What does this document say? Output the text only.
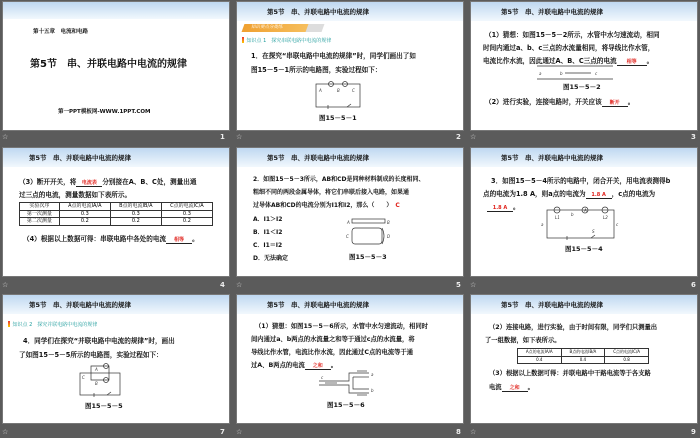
第十五章　电流和电路
第5节　串、并联电路中电流的规律
第一PPT模板网-WWW.1PPT.COM
☆	1
第5节　串、并联电路中电流的规律
知识要点分类练
知识点 1　探究串联电路中电流的规律
1．在探究“串联电路中电流的规律”时，同学们画出了如
图15－5－1所示的电路图，实验过程如下：
A	B	C
图15－5－1
☆	2
第5节　串、并联电路中电流的规律
（1）猜想：如图15－5－2所示，水管中水匀速流动，相同
时间内通过a、b、c三点的水流量相同，将导线比作水管，
电流比作水流，因此通过A、B、C三点的电流 相等 。
a	b	c
图15－5－2
（2）进行实验，连接电路时，开关应该 断开 。
☆	3
第5节　串、并联电路中电流的规律
（3）断开开关，将 电流表 分别接在A、B、C处，测量出通
过三点的电流，测量数据如下表所示。
实验次序	A点的电流IA/A	B点的电流IB/A	C点的电流IC/A
第一次测量	0.3	0.3	0.3
第二次测量	0.2	0.2	0.2
（4）根据以上数据可得：串联电路中各处的电流 相等 。
☆	4
第5节　串、并联电路中电流的规律
2．如图15－5－3所示，AB和CD是同种材料制成的长度相同、
粗细不同的两段金属导体，将它们串联后接入电路，如果通
过导体AB和CD的电流分别为I1和I2，那么（　　） C
A．I1＞I2
B．I1＜I2
C．I1＝I2
D．无法确定
A	B
C	D
图15－5－3
☆	5
第5节　串、并联电路中电流的规律
3．如图15－5－4所示的电路中，闭合开关，用电流表测得b
点的电流为1.8 A，则a点的电流为 1.8 A ，c点的电流为
1.8 A 。
L1
A
L2
S
a
b
c
图15－5－4
☆	6
第5节　串、并联电路中电流的规律
知识点 2　探究并联电路中电流的规律
4．同学们在探究“并联电路中电流的规律”时，画出
了如图15－5－5所示的电路图，实验过程如下：
A
B
C
图15－5－5
☆	7
第5节　串、并联电路中电流的规律
（1）猜想：如图15－5－6所示，水管中水匀速流动，相同时
间内通过a、b两点的水流量之和等于通过c点的水流量，将
导线比作水管，电流比作水流，因此通过C点的电流等于通
过A、B两点的电流 之和 。
c
a
b
图15－5－6
☆	8
第5节　串、并联电路中电流的规律
（2）连接电路，进行实验，由于时间有限，同学们只测量出
了一组数据，如下表所示。
A点的电流IA/A	B点的电流IB/A	C点的电流IC/A
0.4	0.4	0.8
（3）根据以上数据可得：并联电路中干路电流等于各支路
电流 之和 。
☆	9
